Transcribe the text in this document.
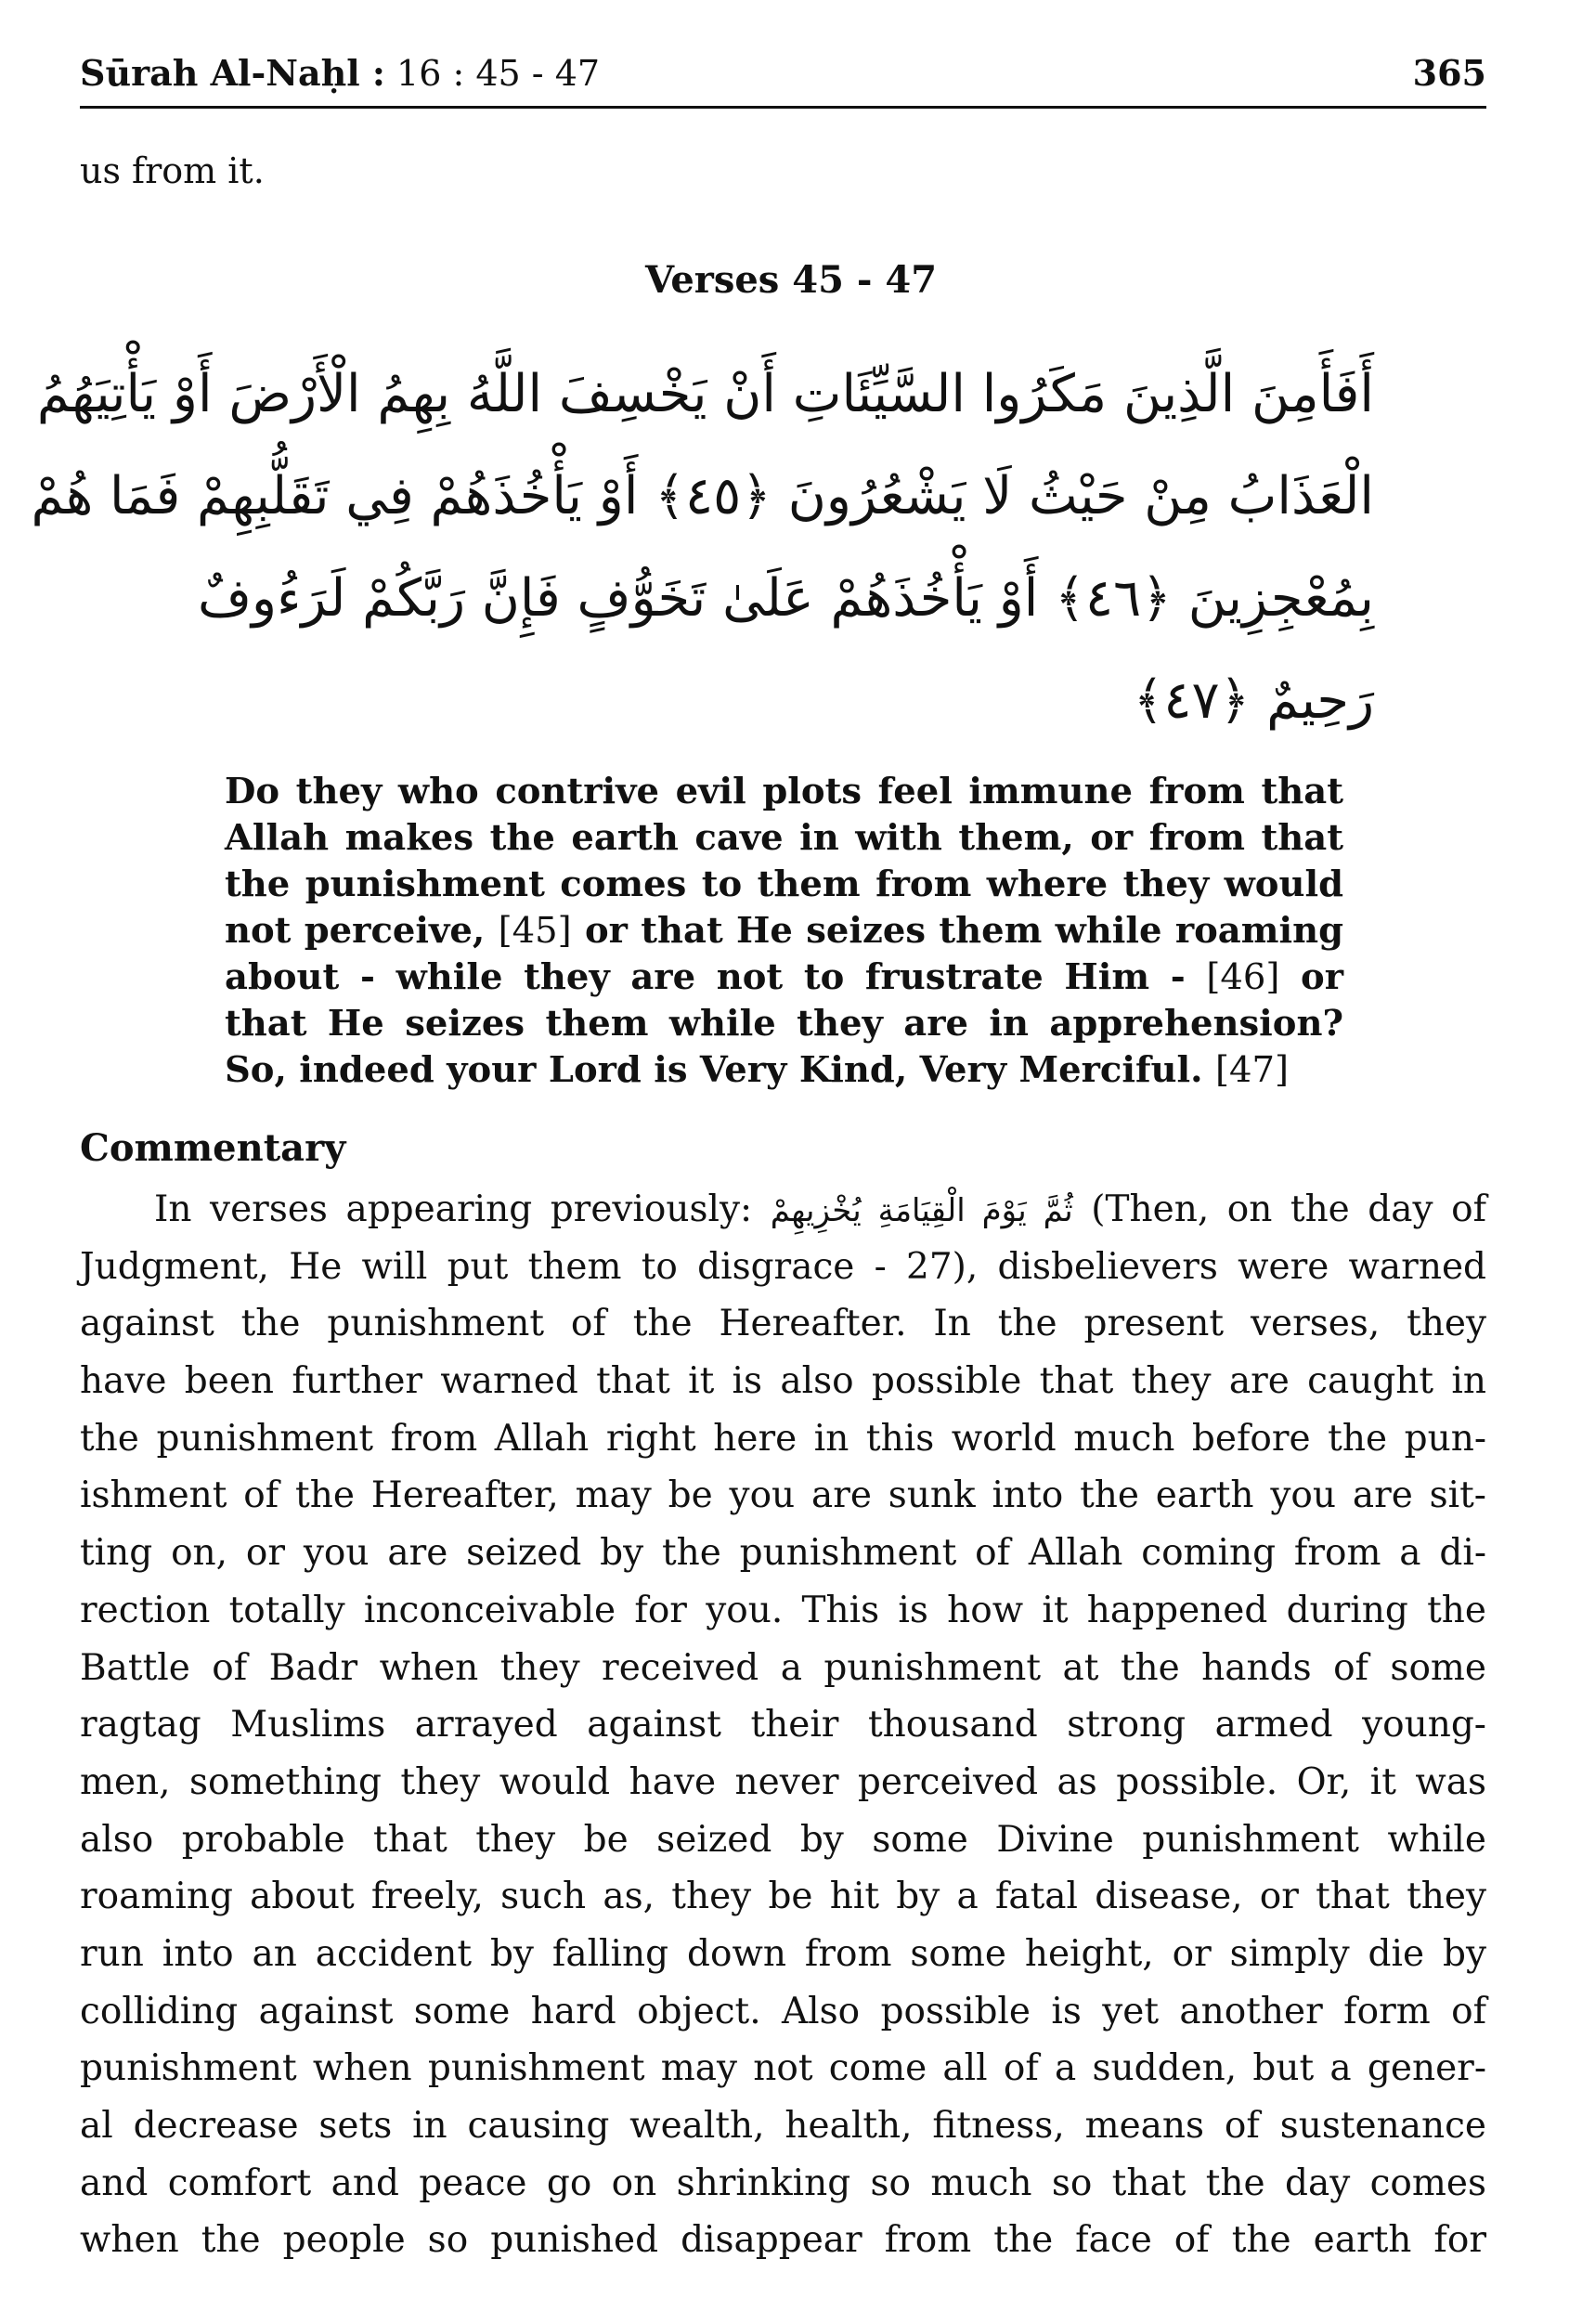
Sūrah Al-Naḥl : 16 : 45 - 47	365
us from it.
Verses 45 - 47
أَفَأَمِنَ الَّذِينَ مَكَرُوا السَّيِّئَاتِ أَنْ يَخْسِفَ اللَّهُ بِهِمُ الْأَرْضَ أَوْ يَأْتِيَهُمُ
الْعَذَابُ مِنْ حَيْثُ لَا يَشْعُرُونَ ﴿٤٥﴾ أَوْ يَأْخُذَهُمْ فِي تَقَلُّبِهِمْ فَمَا هُمْ
بِمُعْجِزِينَ ﴿٤٦﴾ أَوْ يَأْخُذَهُمْ عَلَىٰ تَخَوُّفٍ فَإِنَّ رَبَّكُمْ لَرَءُوفٌ
رَحِيمٌ ﴿٤٧﴾
Do they who contrive evil plots feel immune from that Allah makes the earth cave in with them, or from that the punishment comes to them from where they would not perceive, [45] or that He seizes them while roaming about - while they are not to frustrate Him - [46] or that He seizes them while they are in apprehension? So, indeed your Lord is Very Kind, Very Merciful. [47]
Commentary
In verses appearing previously: ثُمَّ يَوْمَ الْقِيَامَةِ يُخْزِيهِمْ (Then, on the day of
Judgment, He will put them to disgrace - 27), disbelievers were warned
against the punishment of the Hereafter. In the present verses, they
have been further warned that it is also possible that they are caught in
the punishment from Allah right here in this world much before the pun-
ishment of the Hereafter, may be you are sunk into the earth you are sit-
ting on, or you are seized by the punishment of Allah coming from a di-
rection totally inconceivable for you. This is how it happened during the
Battle of Badr when they received a punishment at the hands of some
ragtag Muslims arrayed against their thousand strong armed young-
men, something they would have never perceived as possible. Or, it was
also probable that they be seized by some Divine punishment while
roaming about freely, such as, they be hit by a fatal disease, or that they
run into an accident by falling down from some height, or simply die by
colliding against some hard object. Also possible is yet another form of
punishment when punishment may not come all of a sudden, but a gener-
al decrease sets in causing wealth, health, fitness, means of sustenance
and comfort and peace go on shrinking so much so that the day comes
when the people so punished disappear from the face of the earth for
